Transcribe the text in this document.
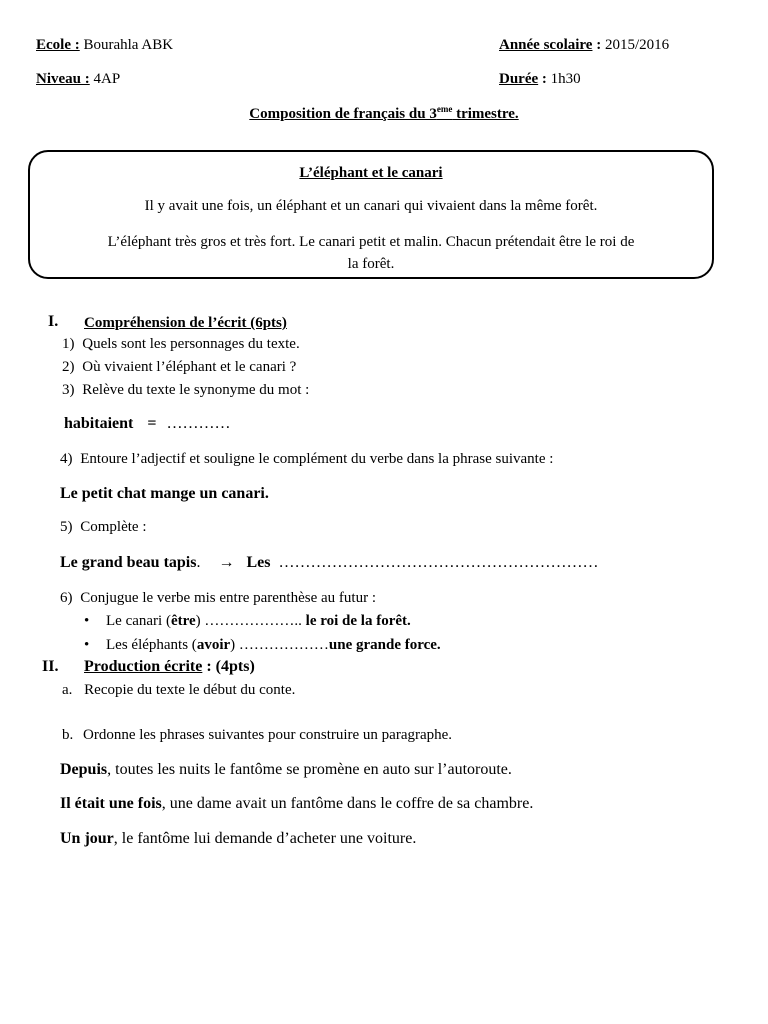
Ecole : Bourahla ABK	Année scolaire : 2015/2016
Niveau : 4AP	Durée : 1h30
Composition de français du 3eme trimestre.
L’éléphant et le canari
Il y avait une fois, un éléphant et un canari qui vivaient dans la même forêt.
L’éléphant très gros et très fort. Le canari petit et malin. Chacun prétendait être le roi de
la forêt.
I. Compréhension de l’écrit (6pts)
1) Quels sont les personnages du texte.
2) Où vivaient l’éléphant et le canari ?
3) Relève du texte le synonyme du mot :
habitaient = …………
4) Entoure l’adjectif et souligne le complément du verbe dans la phrase suivante :
Le petit chat mange un canari.
5) Complète :
Le grand beau tapis. → Les ……………………………………………………
6) Conjugue le verbe mis entre parenthèse au futur :
• Le canari (être) ……………….. le roi de la forêt.
• Les éléphants (avoir) ………………une grande force.
II. Production écrite : (4pts)
a. Recopie du texte le début du conte.
b. Ordonne les phrases suivantes pour construire un paragraphe.
Depuis, toutes les nuits le fantôme se promène en auto sur l’autoroute.
Il était une fois, une dame avait un fantôme dans le coffre de sa chambre.
Un jour, le fantôme lui demande d’acheter une voiture.
